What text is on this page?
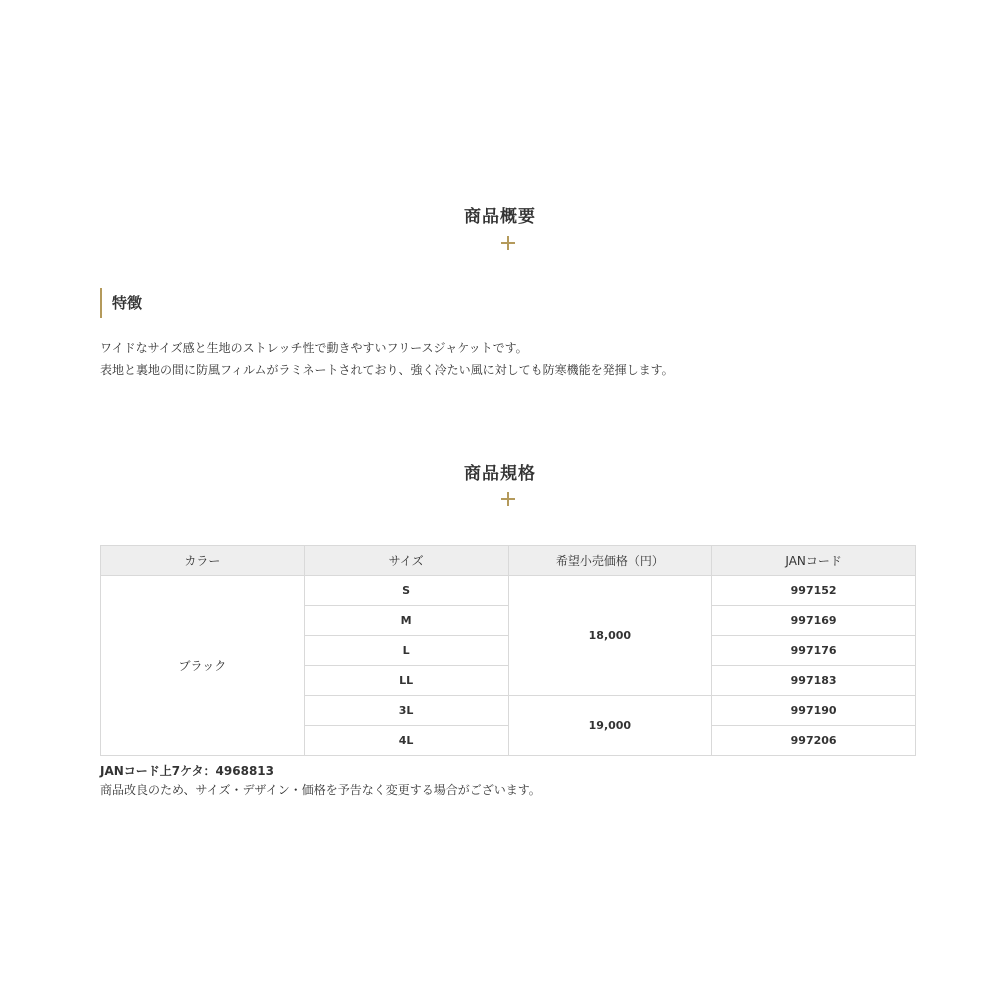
商品概要
特徴
ワイドなサイズ感と生地のストレッチ性で動きやすいフリースジャケットです。
表地と裏地の間に防風フィルムがラミネートされており、強く冷たい風に対しても防寒機能を発揮します。
商品規格
カラー	サイズ	希望小売価格（円）	JANコード
ブラック	S	18,000	997152
	M		997169
	L		997176
	LL		997183
	3L	19,000	997190
	4L		997206
JANコード上7ケタ：4968813
商品改良のため、サイズ・デザイン・価格を予告なく変更する場合がございます。
